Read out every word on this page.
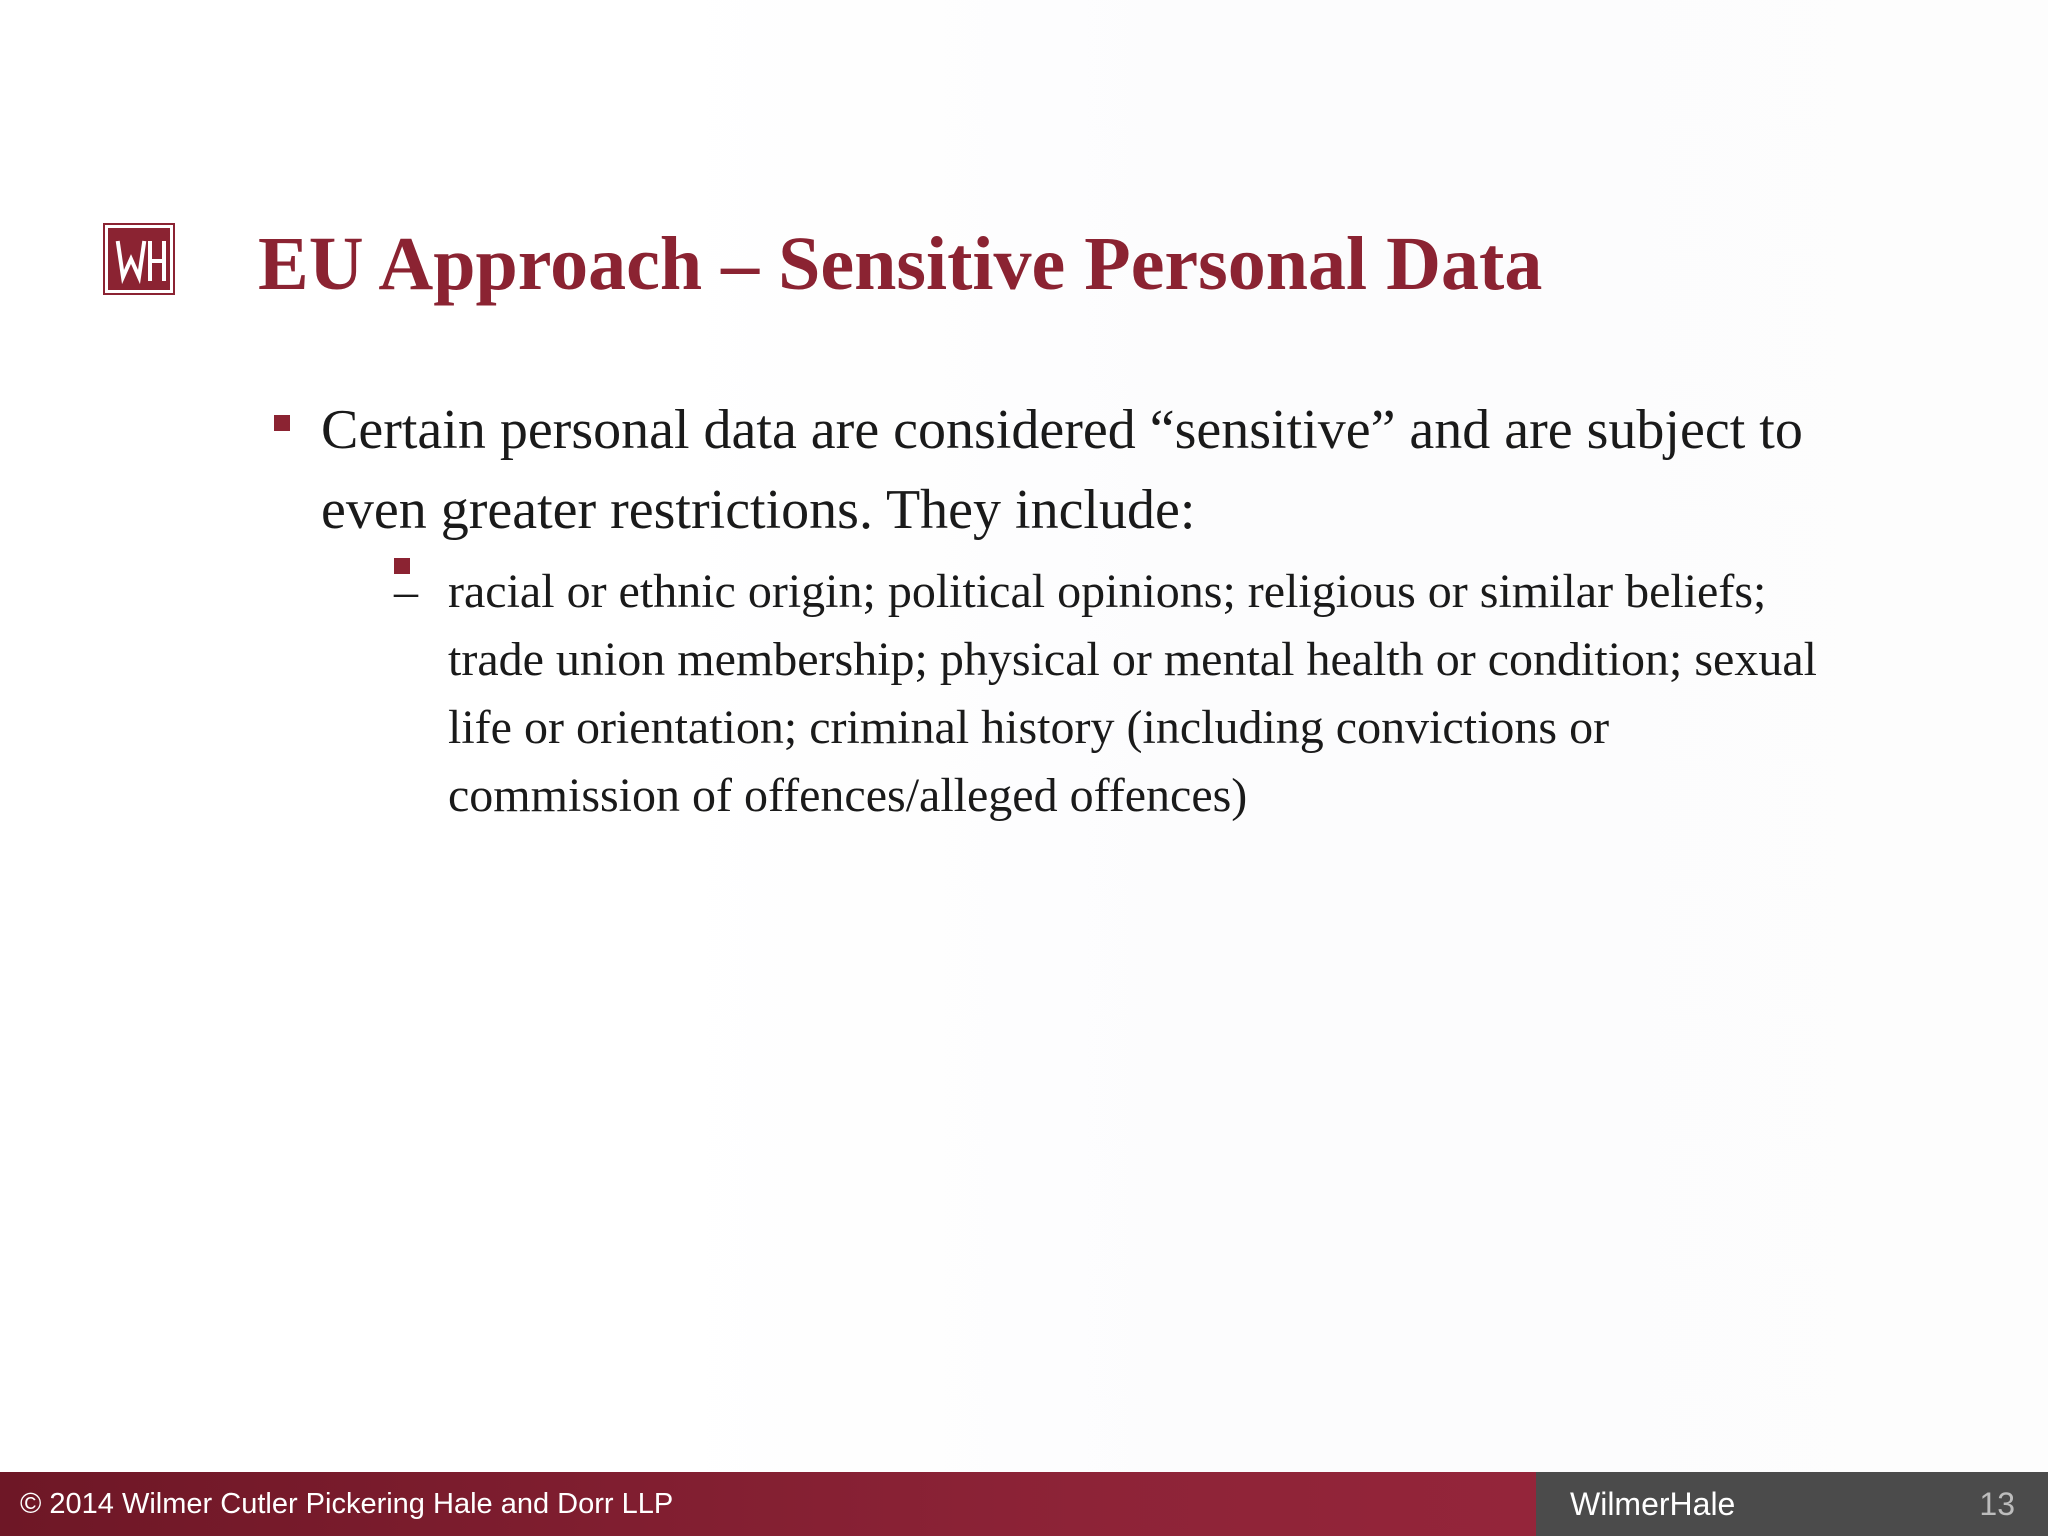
EU Approach – Sensitive Personal Data
Certain personal data are considered “sensitive” and are subject to even greater restrictions. They include:
– racial or ethnic origin; political opinions; religious or similar beliefs; trade union membership; physical or mental health or condition; sexual life or orientation; criminal history (including convictions or commission of offences/alleged offences)
© 2014 Wilmer Cutler Pickering Hale and Dorr LLP	WilmerHale	13
